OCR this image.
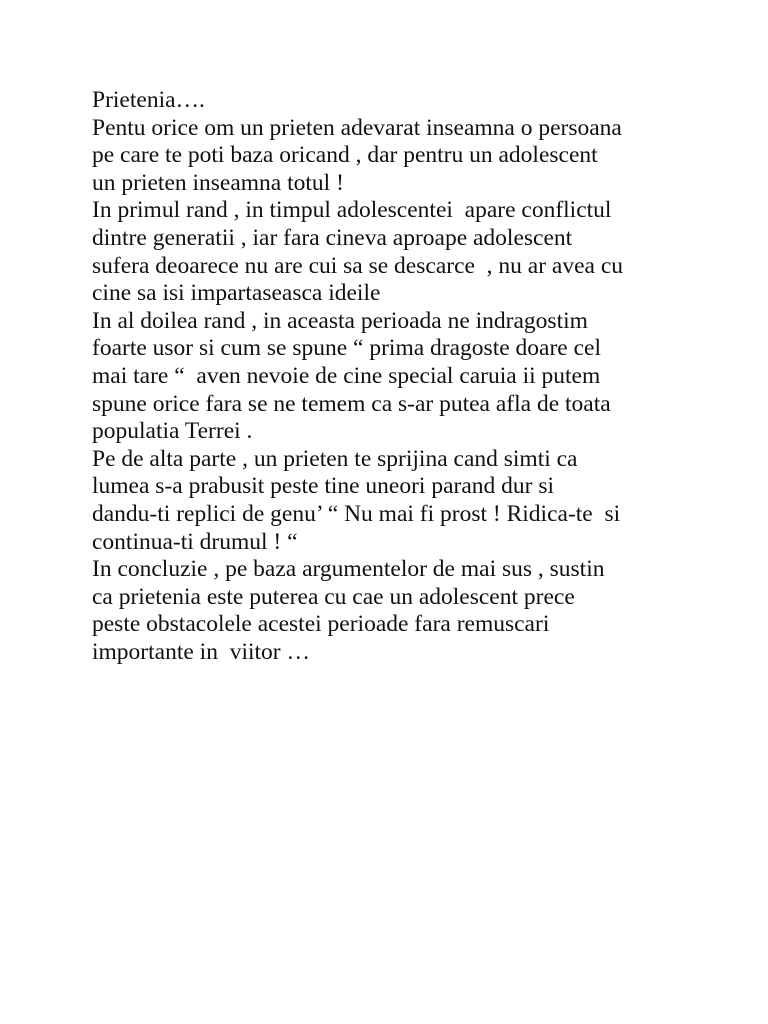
Prietenia….
Pentu orice om un prieten adevarat inseamna o persoana
pe care te poti baza oricand , dar pentru un adolescent
un prieten inseamna totul !
In primul rand , in timpul adolescentei  apare conflictul
dintre generatii , iar fara cineva aproape adolescent
sufera deoarece nu are cui sa se descarce  , nu ar avea cu
cine sa isi impartaseasca ideile
In al doilea rand , in aceasta perioada ne indragostim
foarte usor si cum se spune “ prima dragoste doare cel
mai tare “  aven nevoie de cine special caruia ii putem
spune orice fara se ne temem ca s-ar putea afla de toata
populatia Terrei .
Pe de alta parte , un prieten te sprijina cand simti ca
lumea s-a prabusit peste tine uneori parand dur si
dandu-ti replici de genu’ “ Nu mai fi prost ! Ridica-te  si
continua-ti drumul ! “
In concluzie , pe baza argumentelor de mai sus , sustin
ca prietenia este puterea cu cae un adolescent prece
peste obstacolele acestei perioade fara remuscari
importante in  viitor …
